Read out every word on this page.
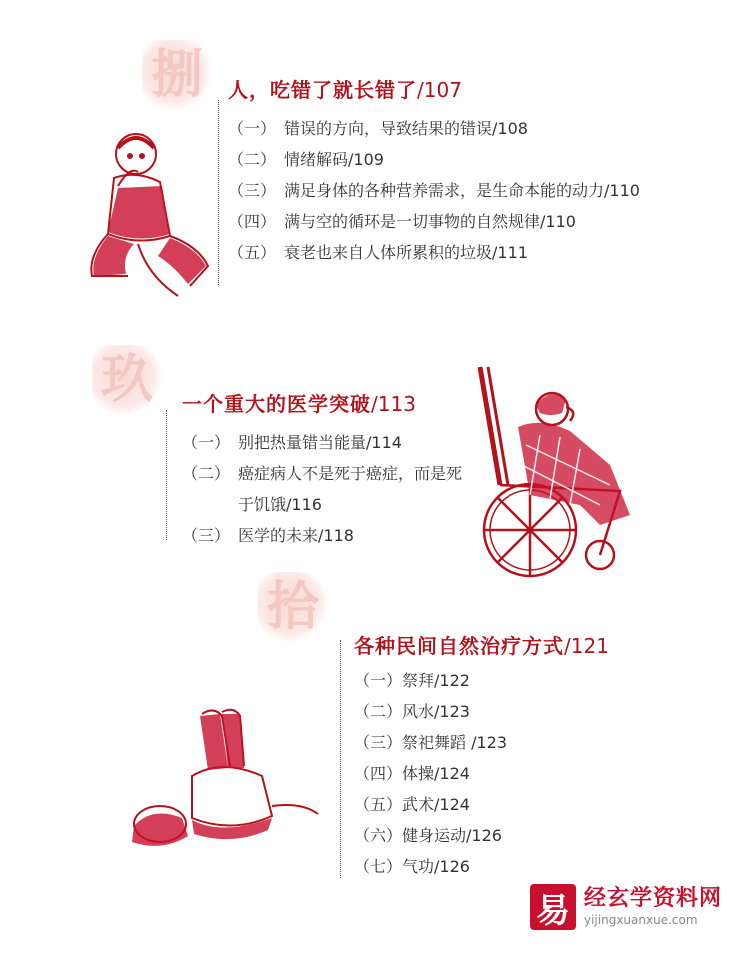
捌	人，吃错了就长错了/107
（一） 错误的方向，导致结果的错误/108
（二） 情绪解码/109
（三） 满足身体的各种营养需求，是生命本能的动力/110
（四） 满与空的循环是一切事物的自然规律/110
（五） 衰老也来自人体所累积的垃圾/111
玖	一个重大的医学突破/113
（一） 别把热量错当能量/114
（二） 癌症病人不是死于癌症，而是死于饥饿/116
（三） 医学的未来/118
拾
各种民间自然治疗方式/121
（一） 祭拜/122
（二） 风水/123
（三） 祭祀舞蹈 /123
（四） 体操/124
（五） 武术/124
（六） 健身运动/126
（七） 气功/126
易 经玄学资料网
yijingxuanxue.com
